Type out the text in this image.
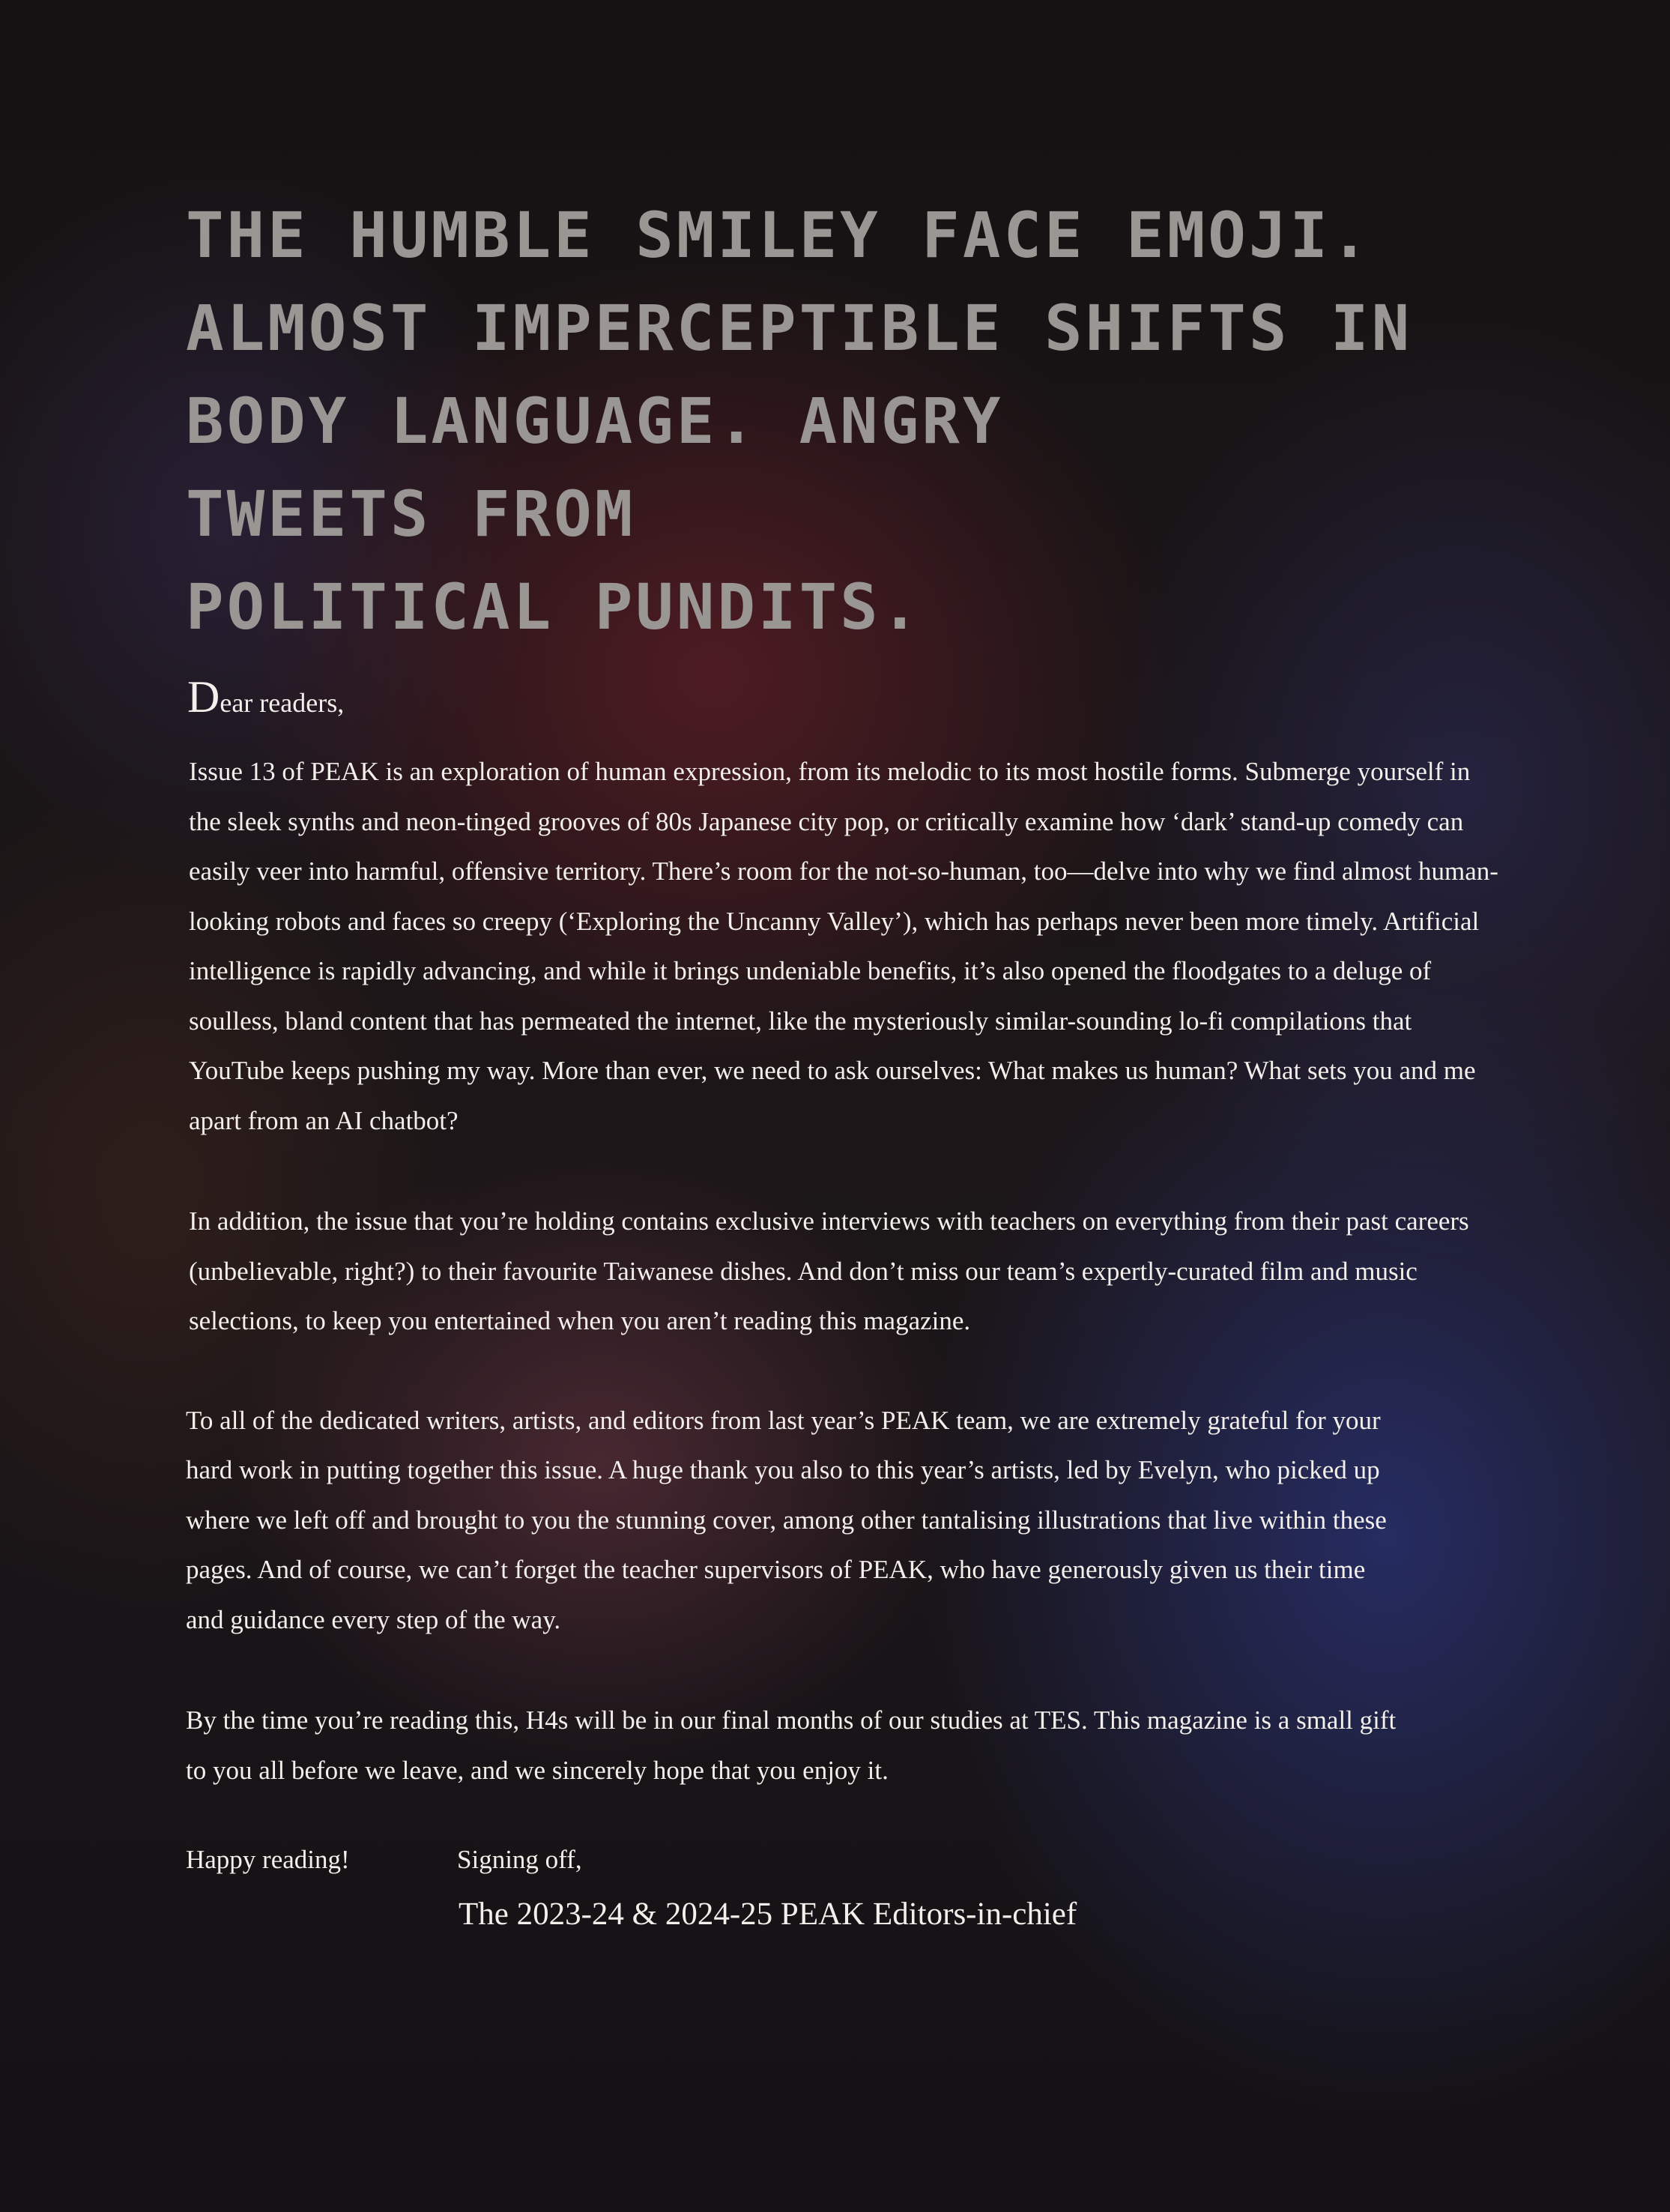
THE HUMBLE SMILEY FACE EMOJI.
ALMOST IMPERCEPTIBLE SHIFTS IN
BODY LANGUAGE. ANGRY
TWEETS FROM
POLITICAL PUNDITS.

Dear readers,

Issue 13 of PEAK is an exploration of human expression, from its melodic to its most hostile forms. Submerge yourself in the sleek synths and neon-tinged grooves of 80s Japanese city pop, or critically examine how ‘dark’ stand-up comedy can easily veer into harmful, offensive territory. There’s room for the not-so-human, too—delve into why we find almost human-looking robots and faces so creepy (‘Exploring the Uncanny Valley’), which has perhaps never been more timely. Artificial intelligence is rapidly advancing, and while it brings undeniable benefits, it’s also opened the floodgates to a deluge of soulless, bland content that has permeated the internet, like the mysteriously similar-sounding lo-fi compilations that YouTube keeps pushing my way. More than ever, we need to ask ourselves: What makes us human? What sets you and me apart from an AI chatbot?

In addition, the issue that you’re holding contains exclusive interviews with teachers on everything from their past careers (unbelievable, right?) to their favourite Taiwanese dishes. And don’t miss our team’s expertly-curated film and music selections, to keep you entertained when you aren’t reading this magazine.

To all of the dedicated writers, artists, and editors from last year’s PEAK team, we are extremely grateful for your hard work in putting together this issue. A huge thank you also to this year’s artists, led by Evelyn, who picked up where we left off and brought to you the stunning cover, among other tantalising illustrations that live within these pages. And of course, we can’t forget the teacher supervisors of PEAK, who have generously given us their time and guidance every step of the way.

By the time you’re reading this, H4s will be in our final months of our studies at TES. This magazine is a small gift to you all before we leave, and we sincerely hope that you enjoy it.

Happy reading!	Signing off,
The 2023-24 & 2024-25 PEAK Editors-in-chief
